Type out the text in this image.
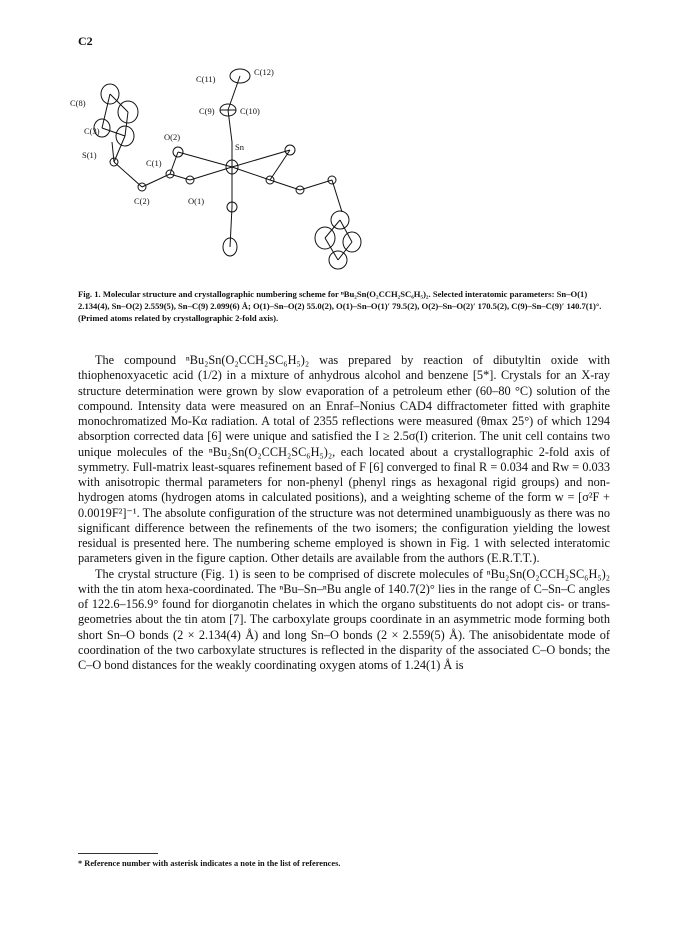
C2
C(12)
C(11)
C(10)
C(9)
C(8)
C(3)
O(2)
S(1)
C(1)
Sn
C(2)	O(1)
Fig. 1. Molecular structure and crystallographic numbering scheme for ⁿBu₂Sn(O₂CCH₂SC₆H₅)₂. Selected interatomic parameters: Sn–O(1) 2.134(4), Sn–O(2) 2.559(5), Sn–C(9) 2.099(6) Å; O(1)–Sn–O(2) 55.0(2), O(1)–Sn–O(1)′ 79.5(2), O(2)–Sn–O(2)′ 170.5(2), C(9)–Sn–C(9)′ 140.7(1)°. (Primed atoms related by crystallographic 2-fold axis).

The compound ⁿBu₂Sn(O₂CCH₂SC₆H₅)₂ was prepared by reaction of dibutyltin oxide with thiophenoxyacetic acid (1/2) in a mixture of anhydrous alcohol and benzene [5*]. Crystals for an X-ray structure determination were grown by slow evaporation of a petroleum ether (60–80 °C) solution of the compound. Intensity data were measured on an Enraf–Nonius CAD4 diffractometer fitted with graphite monochromatized Mo-Kα radiation. A total of 2355 reflections were measured (θmax 25°) of which 1294 absorption corrected data [6] were unique and satisfied the I ≥ 2.5σ(I) criterion. The unit cell contains two unique molecules of the ⁿBu₂Sn(O₂CCH₂SC₆H₅)₂, each located about a crystallographic 2-fold axis of symmetry. Full-matrix least-squares refinement based of F [6] converged to final R = 0.034 and Rw = 0.033 with anisotropic thermal parameters for non-phenyl (phenyl rings as hexagonal rigid groups) and non-hydrogen atoms (hydrogen atoms in calculated positions), and a weighting scheme of the form w = [σ²F + 0.0019F²]⁻¹. The absolute configuration of the structure was not determined unambiguously as there was no significant difference between the refinements of the two isomers; the configuration yielding the lowest residual is presented here. The numbering scheme employed is shown in Fig. 1 with selected interatomic parameters given in the figure caption. Other details are available from the authors (E.R.T.T.).

The crystal structure (Fig. 1) is seen to be comprised of discrete molecules of ⁿBu₂Sn(O₂CCH₂SC₆H₅)₂ with the tin atom hexa-coordinated. The ⁿBu–Sn–ⁿBu angle of 140.7(2)° lies in the range of C–Sn–C angles of 122.6–156.9° found for diorganotin chelates in which the organo substituents do not adopt cis- or trans-geometries about the tin atom [7]. The carboxylate groups coordinate in an asymmetric mode forming both short Sn–O bonds (2 × 2.134(4) Å) and long Sn–O bonds (2 × 2.559(5) Å). The anisobidentate mode of coordination of the two carboxylate structures is reflected in the disparity of the associated C–O bonds; the C–O bond distances for the weakly coordinating oxygen atoms of 1.24(1) Å is

* Reference number with asterisk indicates a note in the list of references.
